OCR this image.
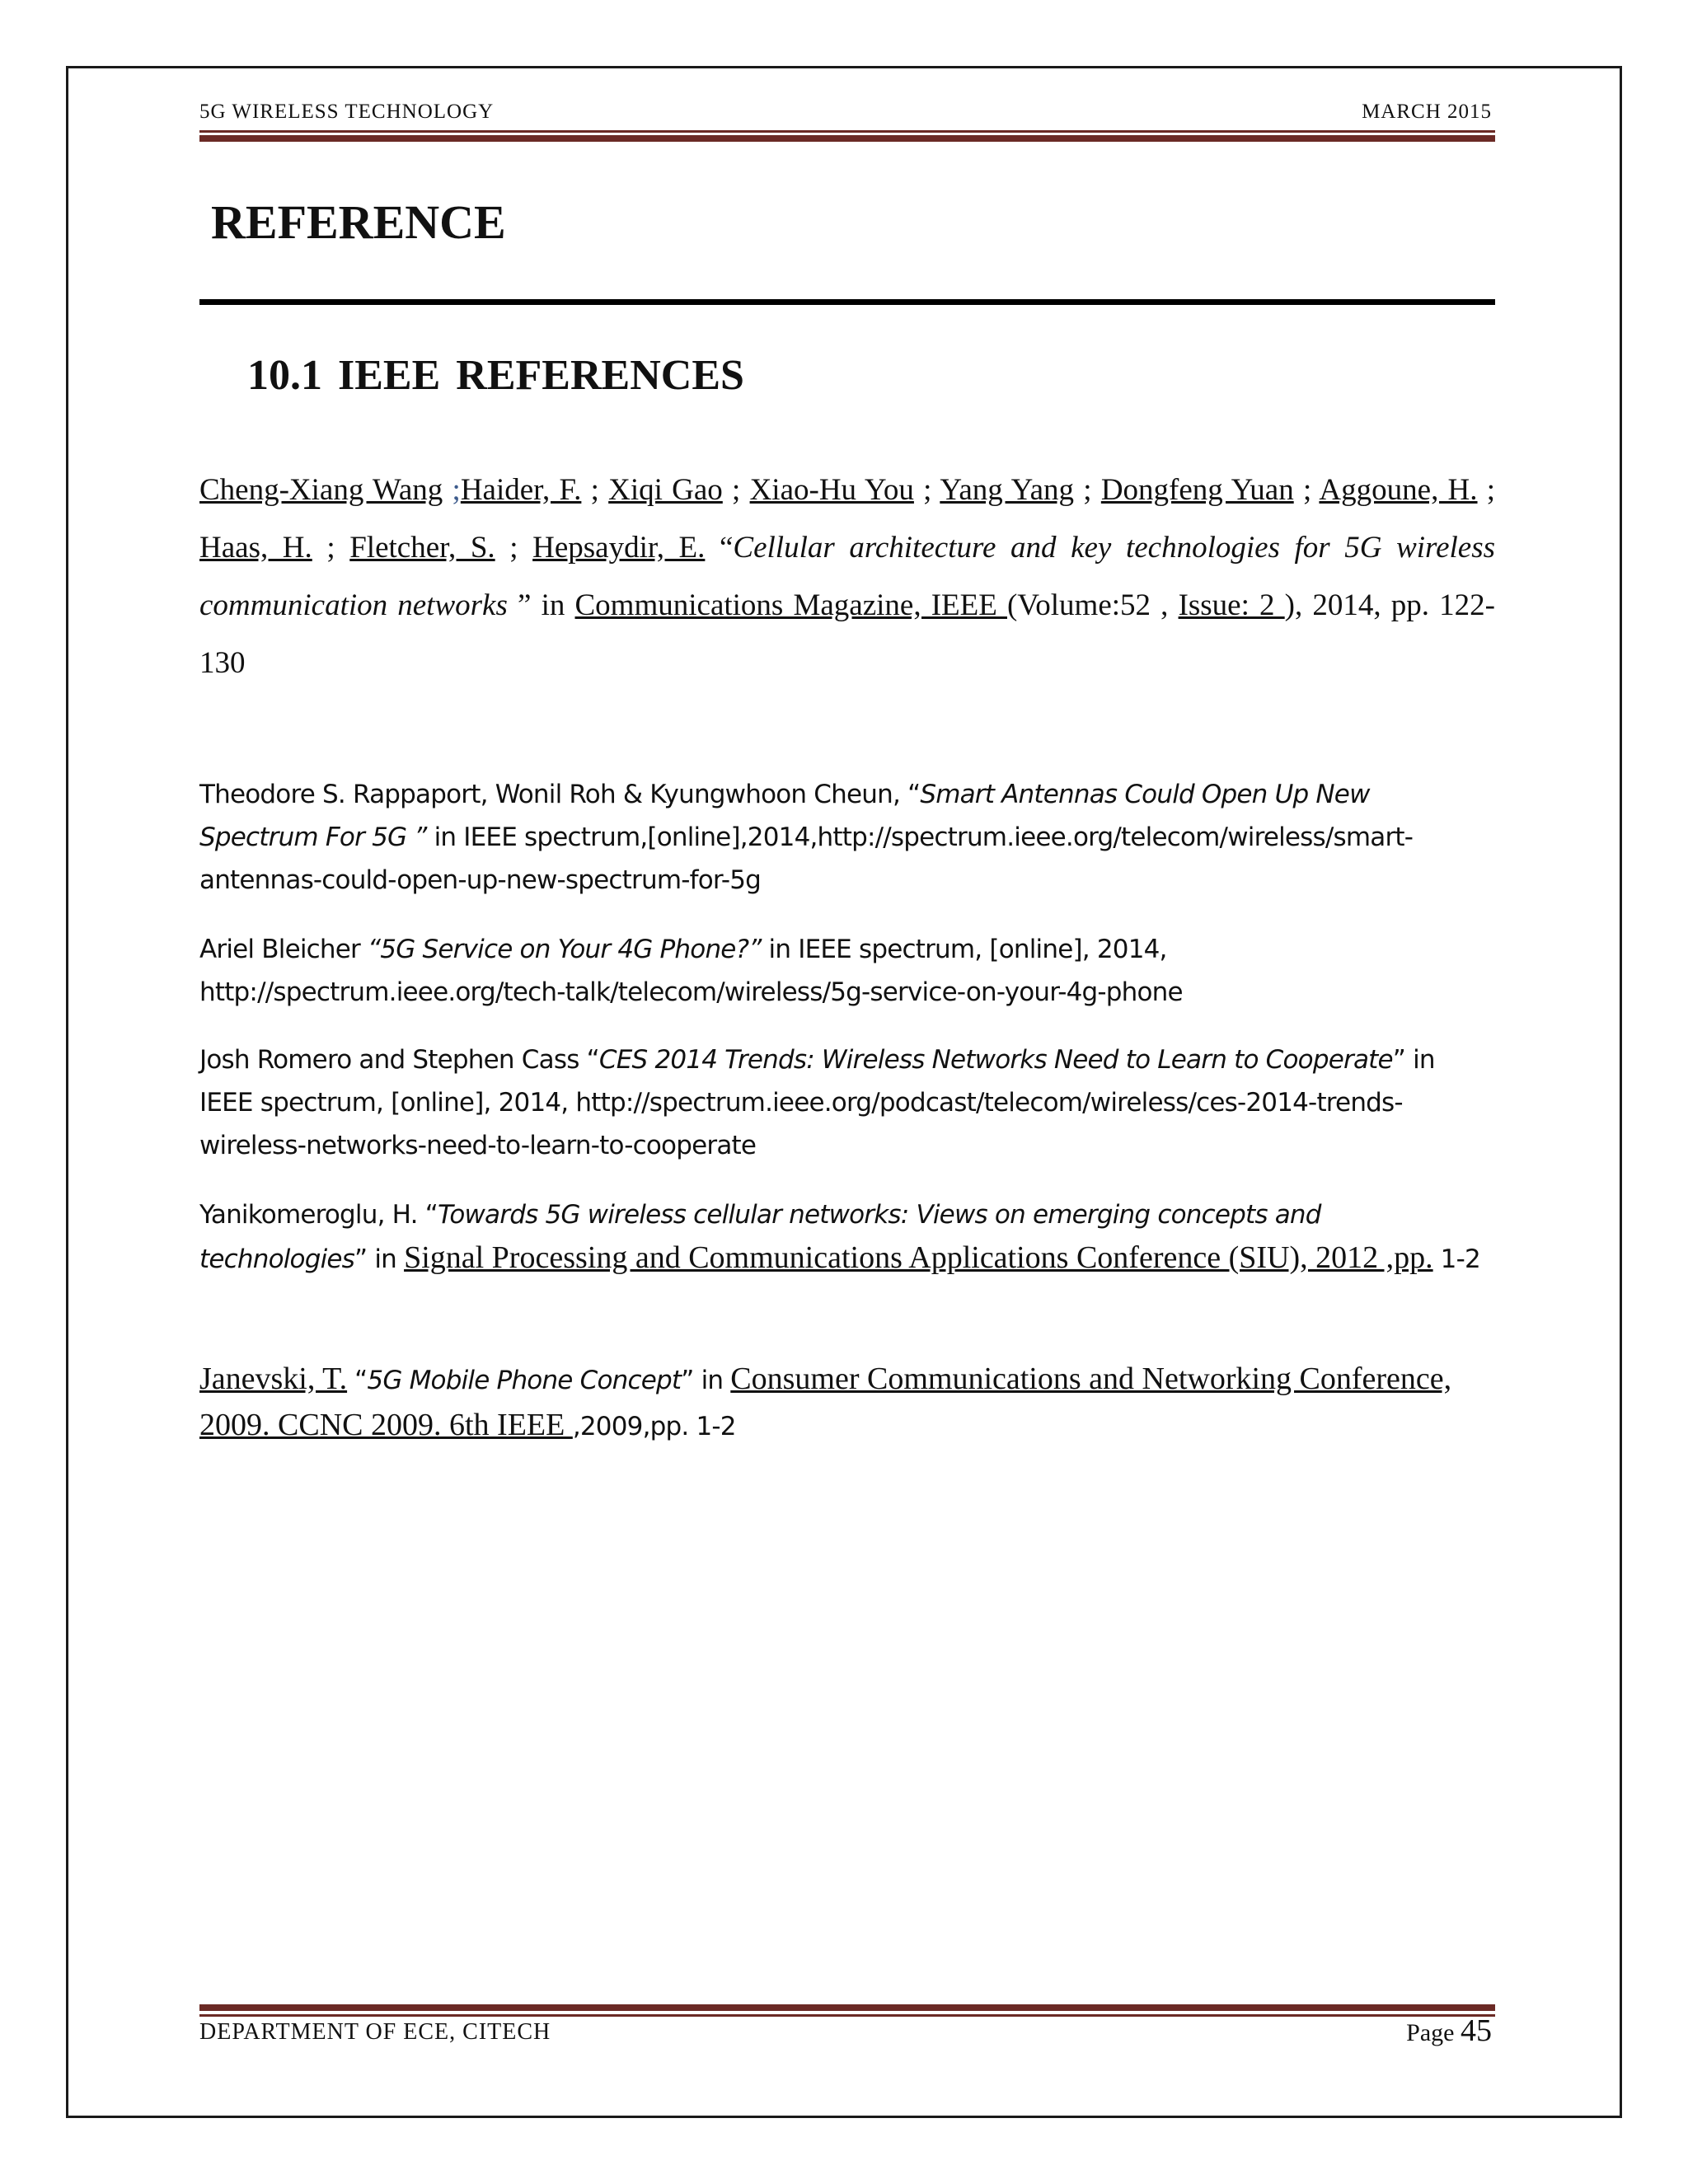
5G WIRELESS TECHNOLOGY	MARCH 2015
REFERENCE
10.1 IEEE REFERENCES

Cheng-Xiang Wang ;Haider, F. ; Xiqi Gao ; Xiao-Hu You ; Yang Yang ; Dongfeng Yuan ; Aggoune, H. ; Haas, H. ; Fletcher, S. ; Hepsaydir, E. “Cellular architecture and key technologies for 5G wireless communication networks ” in Communications Magazine, IEEE (Volume:52 , Issue: 2 ), 2014, pp. 122-130

Theodore S. Rappaport, Wonil Roh & Kyungwhoon Cheun, “Smart Antennas Could Open Up New Spectrum For 5G ” in IEEE spectrum,[online],2014,http://spectrum.ieee.org/telecom/wireless/smart-antennas-could-open-up-new-spectrum-for-5g

Ariel Bleicher “5G Service on Your 4G Phone?” in IEEE spectrum, [online], 2014, http://spectrum.ieee.org/tech-talk/telecom/wireless/5g-service-on-your-4g-phone

Josh Romero and Stephen Cass “CES 2014 Trends: Wireless Networks Need to Learn to Cooperate” in IEEE spectrum, [online], 2014, http://spectrum.ieee.org/podcast/telecom/wireless/ces-2014-trends-wireless-networks-need-to-learn-to-cooperate

Yanikomeroglu, H. “Towards 5G wireless cellular networks: Views on emerging concepts and technologies” in Signal Processing and Communications Applications Conference (SIU), 2012 ,pp. 1-2

Janevski, T. “5G Mobile Phone Concept” in Consumer Communications and Networking Conference, 2009. CCNC 2009. 6th IEEE ,2009,pp. 1-2

DEPARTMENT OF ECE, CITECH	Page 45
